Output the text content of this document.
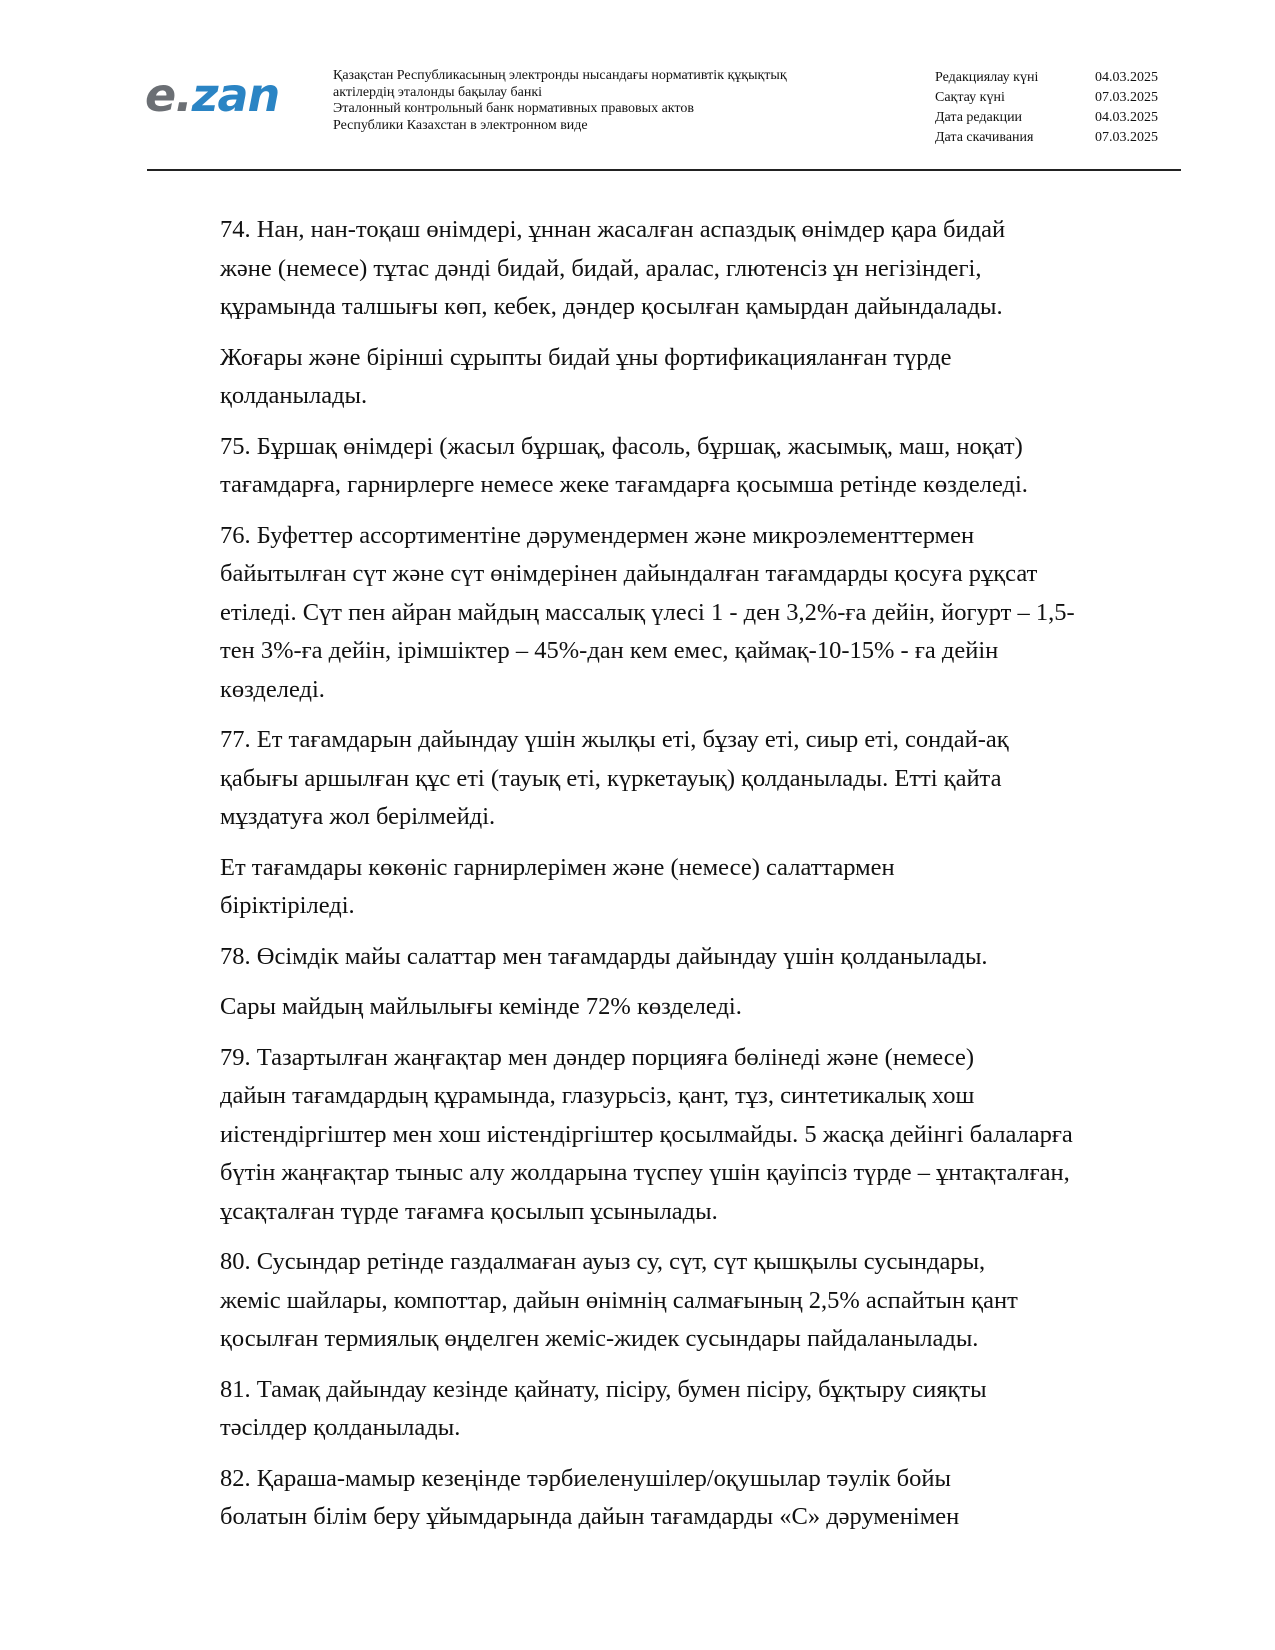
e.zan	Қазақстан Республикасының электронды нысандағы нормативтік құқықтық
актілердің эталонды бақылау банкі
Эталонный контрольный банк нормативных правовых актов
Республики Казахстан в электронном виде
Редакциялау күні	04.03.2025
Сақтау күні	07.03.2025
Дата редакции	04.03.2025
Дата скачивания	07.03.2025

74. Нан, нан-тоқаш өнімдері, ұннан жасалған аспаздық өнімдер қара бидай
және (немесе) тұтас дәнді бидай, бидай, аралас, глютенсіз ұн негізіндегі,
құрамында талшығы көп, кебек, дәндер қосылған қамырдан дайындалады.

Жоғары және бірінші сұрыпты бидай ұны фортификацияланған түрде
қолданылады.

75. Бұршақ өнімдері (жасыл бұршақ, фасоль, бұршақ, жасымық, маш, ноқат)
тағамдарға, гарнирлерге немесе жеке тағамдарға қосымша ретінде көзделеді.

76. Буфеттер ассортиментіне дәрумендермен және микроэлементтермен
байытылған сүт және сүт өнімдерінен дайындалған тағамдарды қосуға рұқсат
етіледі. Сүт пен айран майдың массалық үлесі 1 - ден 3,2%-ға дейін, йогурт – 1,5-
тен 3%-ға дейін, ірімшіктер – 45%-дан кем емес, қаймақ-10-15% - ға дейін
көзделеді.

77. Ет тағамдарын дайындау үшін жылқы еті, бұзау еті, сиыр еті, сондай-ақ
қабығы аршылған құс еті (тауық еті, күркетауық) қолданылады. Етті қайта
мұздатуға жол берілмейді.

Ет тағамдары көкөніс гарнирлерімен және (немесе) салаттармен
біріктіріледі.

78. Өсімдік майы салаттар мен тағамдарды дайындау үшін қолданылады.

Сары майдың майлылығы кемінде 72% көзделеді.

79. Тазартылған жаңғақтар мен дәндер порцияға бөлінеді және (немесе)
дайын тағамдардың құрамында, глазурьсіз, қант, тұз, синтетикалық хош
иістендіргіштер мен хош иістендіргіштер қосылмайды. 5 жасқа дейінгі балаларға
бүтін жаңғақтар тыныс алу жолдарына түспеу үшін қауіпсіз түрде – ұнтақталған,
ұсақталған түрде тағамға қосылып ұсынылады.

80. Сусындар ретінде газдалмаған ауыз су, сүт, сүт қышқылы сусындары,
жеміс шайлары, компоттар, дайын өнімнің салмағының 2,5% аспайтын қант
қосылған термиялық өңделген жеміс-жидек сусындары пайдаланылады.

81. Тамақ дайындау кезінде қайнату, пісіру, бумен пісіру, бұқтыру сияқты
тәсілдер қолданылады.

82. Қараша-мамыр кезеңінде тәрбиеленушілер/оқушылар тәулік бойы
болатын білім беру ұйымдарында дайын тағамдарды «С» дәруменімен
